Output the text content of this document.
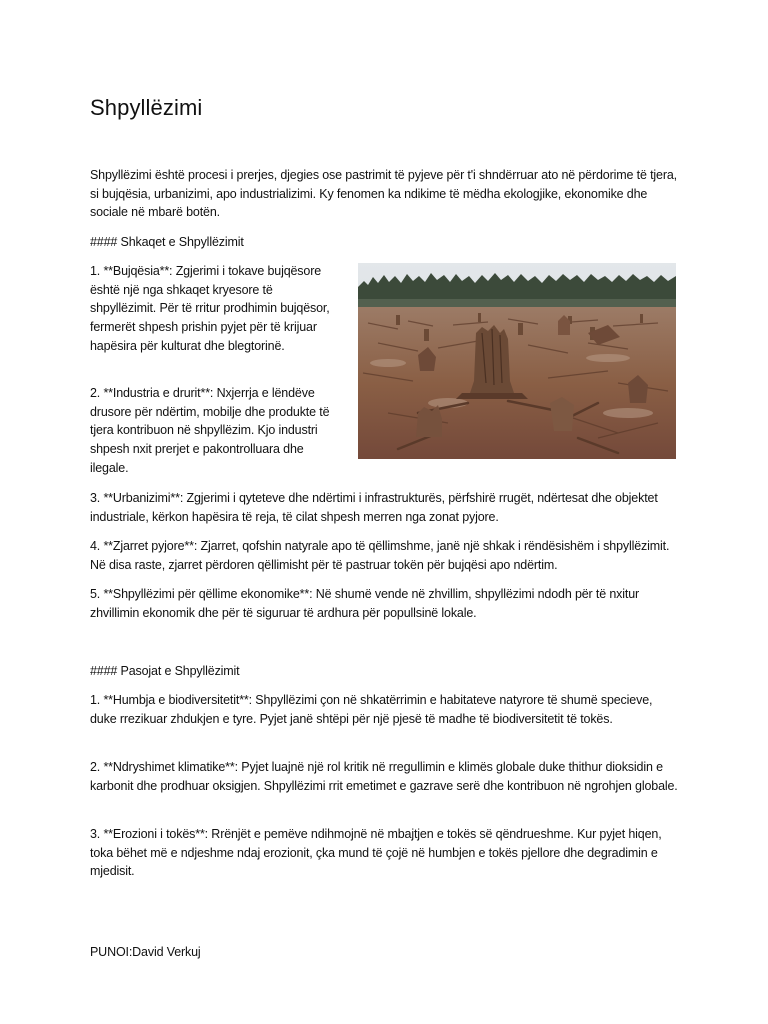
Shpyllëzimi

Shpyllëzimi është procesi i prerjes, djegies ose pastrimit të pyjeve për t'i shndërruar ato në përdorime të tjera, si bujqësia, urbanizimi, apo industrializimi. Ky fenomen ka ndikime të mëdha ekologjike, ekonomike dhe sociale në mbarë botën.

#### Shkaqet e Shpyllëzimit

1. **Bujqësia**: Zgjerimi i tokave bujqësore është një nga shkaqet kryesore të shpyllëzimit. Për të rritur prodhimin bujqësor, fermerët shpesh prishin pyjet për të krijuar hapësira për kulturat dhe blegtorinë.

2. **Industria e drurit**: Nxjerrja e lëndëve drusore për ndërtim, mobilje dhe produkte të tjera kontribuon në shpyllëzim. Kjo industri shpesh nxit prerjet e pakontrolluara dhe ilegale.

3. **Urbanizimi**: Zgjerimi i qyteteve dhe ndërtimi i infrastrukturës, përfshirë rrugët, ndërtesat dhe objektet industriale, kërkon hapësira të reja, të cilat shpesh merren nga zonat pyjore.

4. **Zjarret pyjore**: Zjarret, qofshin natyrale apo të qëllimshme, janë një shkak i rëndësishëm i shpyllëzimit. Në disa raste, zjarret përdoren qëllimisht për të pastruar tokën për bujqësi apo ndërtim.

5. **Shpyllëzimi për qëllime ekonomike**: Në shumë vende në zhvillim, shpyllëzimi ndodh për të nxitur zhvillimin ekonomik dhe për të siguruar të ardhura për popullsinë lokale.

#### Pasojat e Shpyllëzimit

1. **Humbja e biodiversitetit**: Shpyllëzimi çon në shkatërrimin e habitateve natyrore të shumë specieve, duke rrezikuar zhdukjen e tyre. Pyjet janë shtëpi për një pjesë të madhe të biodiversitetit të tokës.

2. **Ndryshimet klimatike**: Pyjet luajnë një rol kritik në rregullimin e klimës globale duke thithur dioksidin e karbonit dhe prodhuar oksigjen. Shpyllëzimi rrit emetimet e gazrave serë dhe kontribuon në ngrohjen globale.

3. **Erozioni i tokës**: Rrënjët e pemëve ndihmojnë në mbajtjen e tokës së qëndrueshme. Kur pyjet hiqen, toka bëhet më e ndjeshme ndaj erozionit, çka mund të çojë në humbjen e tokës pjellore dhe degradimin e mjedisit.

PUNOI:David Verkuj
